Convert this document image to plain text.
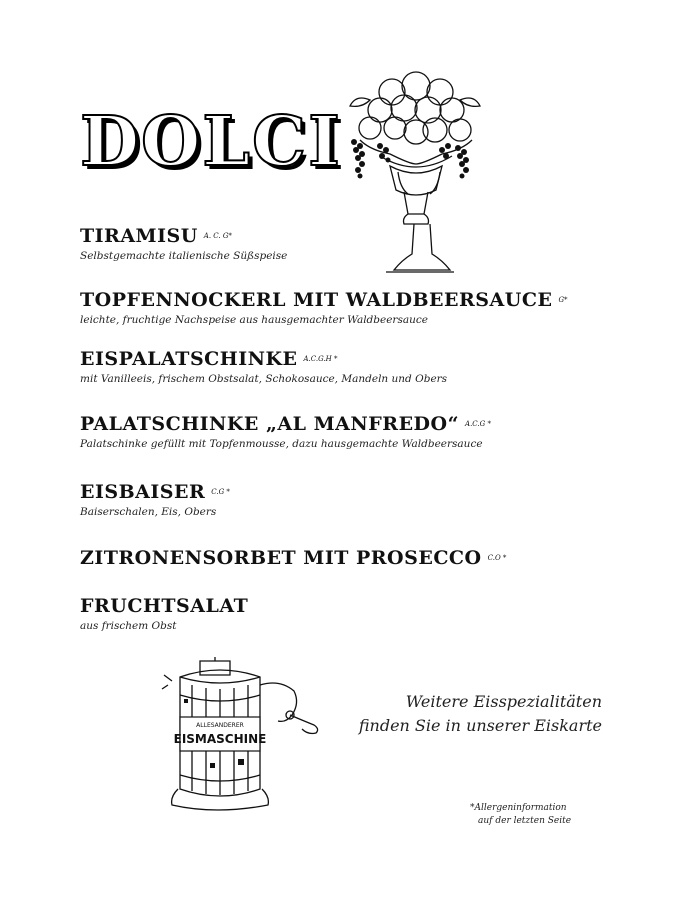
DOLCI
TIRAMISU A. C. G*
Selbstgemachte italienische Süßspeise
TOPFENNOCKERL MIT WALDBEERSAUCE G*
leichte, fruchtige Nachspeise aus hausgemachter Waldbeersauce
EISPALATSCHINKE A.C.G.H *
mit Vanilleeis, frischem Obstsalat, Schokosauce, Mandeln und Obers
PALATSCHINKE „AL MANFREDO“ A.C.G *
Palatschinke gefüllt mit Topfenmousse, dazu hausgemachte Waldbeersauce
EISBAISER C.G *
Baiserschalen, Eis, Obers
ZITRONENSORBET MIT PROSECCO C.O *
FRUCHTSALAT
aus frischem Obst
ALLESANDERER
EISMASCHINE
Weitere Eisspezialitäten
finden Sie in unserer Eiskarte
*Allergeninformation
auf der letzten Seite
